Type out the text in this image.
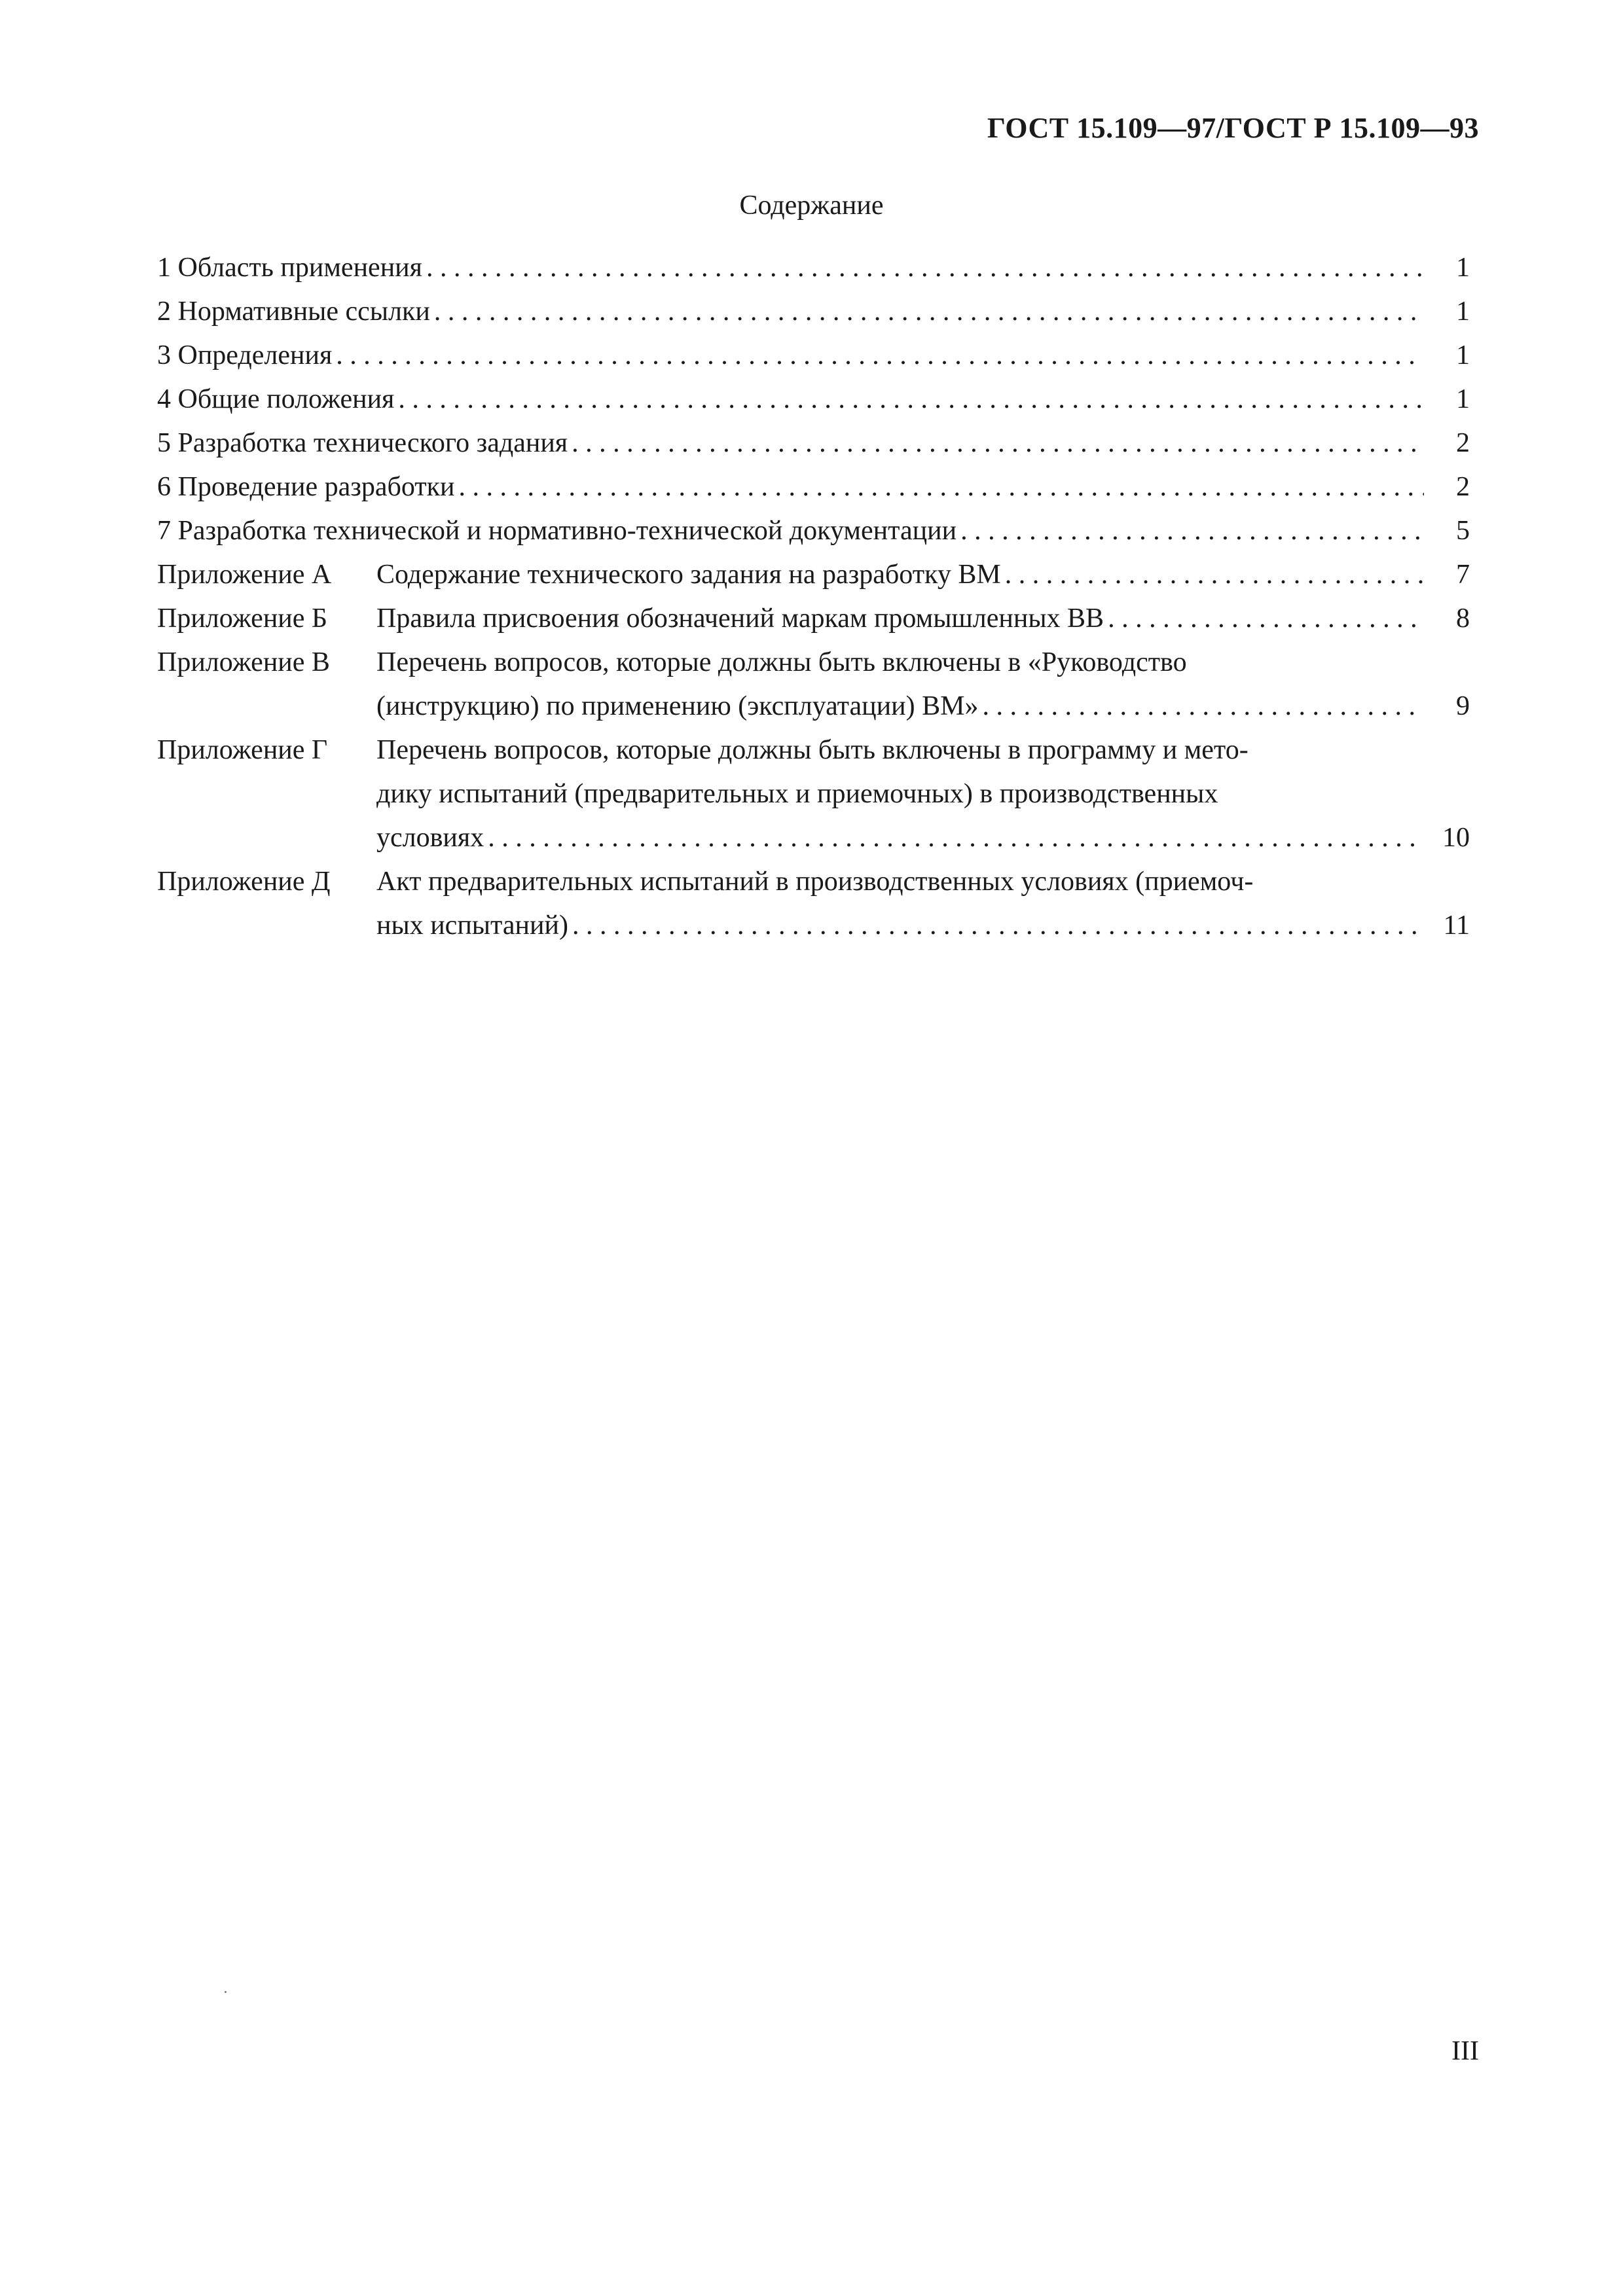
ГОСТ 15.109—97/ГОСТ Р 15.109—93
Содержание
1 Область применения . . .	1
2 Нормативные ссылки . . .	1
3 Определения . . .	1
4 Общие положения . . .	1
5 Разработка технического задания . . .	2
6 Проведение разработки . . .	2
7 Разработка технической и нормативно-технической документации . . .	5
Приложение А	Содержание технического задания на разработку ВМ . . .	7
Приложение Б	Правила присвоения обозначений маркам промышленных ВВ . . .	8
Приложение В	Перечень вопросов, которые должны быть включены в «Руководство
(инструкцию) по применению (эксплуатации) ВМ» . . .	9
Приложение Г	Перечень вопросов, которые должны быть включены в программу и мето-
дику испытаний (предварительных и приемочных) в производственных
условиях . . .	10
Приложение Д	Акт предварительных испытаний в производственных условиях (приемоч-
ных испытаний) . . .	11
III
